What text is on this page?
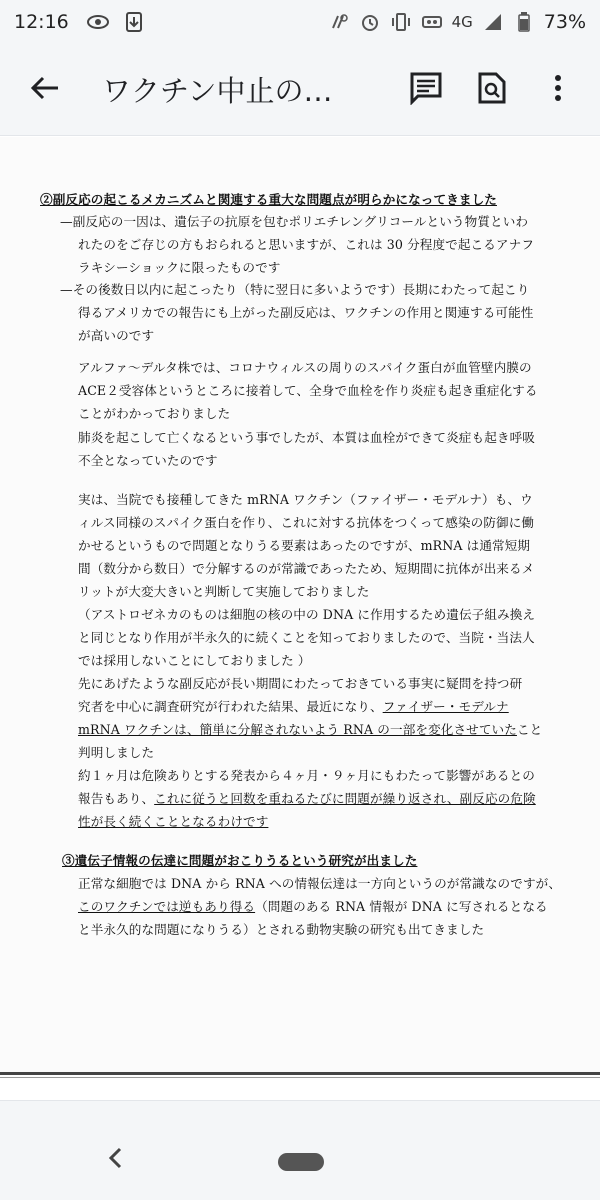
12:16	4G	73%
ワクチン中止の…
②副反応の起こるメカニズムと関連する重大な問題点が明らかになってきました
—副反応の一因は、遺伝子の抗原を包むポリエチレングリコールという物質といわ
れたのをご存じの方もおられると思いますが、これは 30 分程度で起こるアナフ
ラキシーショックに限ったものです
—その後数日以内に起こったり（特に翌日に多いようです）長期にわたって起こり
得るアメリカでの報告にも上がった副反応は、ワクチンの作用と関連する可能性
が高いのです
アルファ〜デルタ株では、コロナウィルスの周りのスパイク蛋白が血管壁内膜の
ACE２受容体というところに接着して、全身で血栓を作り炎症も起き重症化する
ことがわかっておりました
肺炎を起こして亡くなるという事でしたが、本質は血栓ができて炎症も起き呼吸
不全となっていたのです
実は、当院でも接種してきた mRNA ワクチン（ファイザー・モデルナ）も、ウ
ィルス同様のスパイク蛋白を作り、これに対する抗体をつくって感染の防御に働
かせるというもので問題となりうる要素はあったのですが、mRNA は通常短期
間（数分から数日）で分解するのが常識であったため、短期間に抗体が出来るメ
リットが大変大きいと判断して実施しておりました
（アストロゼネカのものは細胞の核の中の DNA に作用するため遺伝子組み換え
と同じとなり作用が半永久的に続くことを知っておりましたので、当院・当法人
では採用しないことにしておりました ）
先にあげたような副反応が長い期間にわたっておきている事実に疑問を持つ研
究者を中心に調査研究が行われた結果、最近になり、ファイザー・モデルナ
mRNA ワクチンは、簡単に分解されないよう RNA の一部を変化させていたこと
判明しました
約１ヶ月は危険ありとする発表から４ヶ月・９ヶ月にもわたって影響があるとの
報告もあり、これに従うと回数を重ねるたびに問題が繰り返され、副反応の危険
性が長く続くこととなるわけです
③遺伝子情報の伝達に問題がおこりうるという研究が出ました
正常な細胞では DNA から RNA への情報伝達は一方向というのが常識なのですが、
このワクチンでは逆もあり得る（問題のある RNA 情報が DNA に写されるとなる
と半永久的な問題になりうる）とされる動物実験の研究も出てきました
